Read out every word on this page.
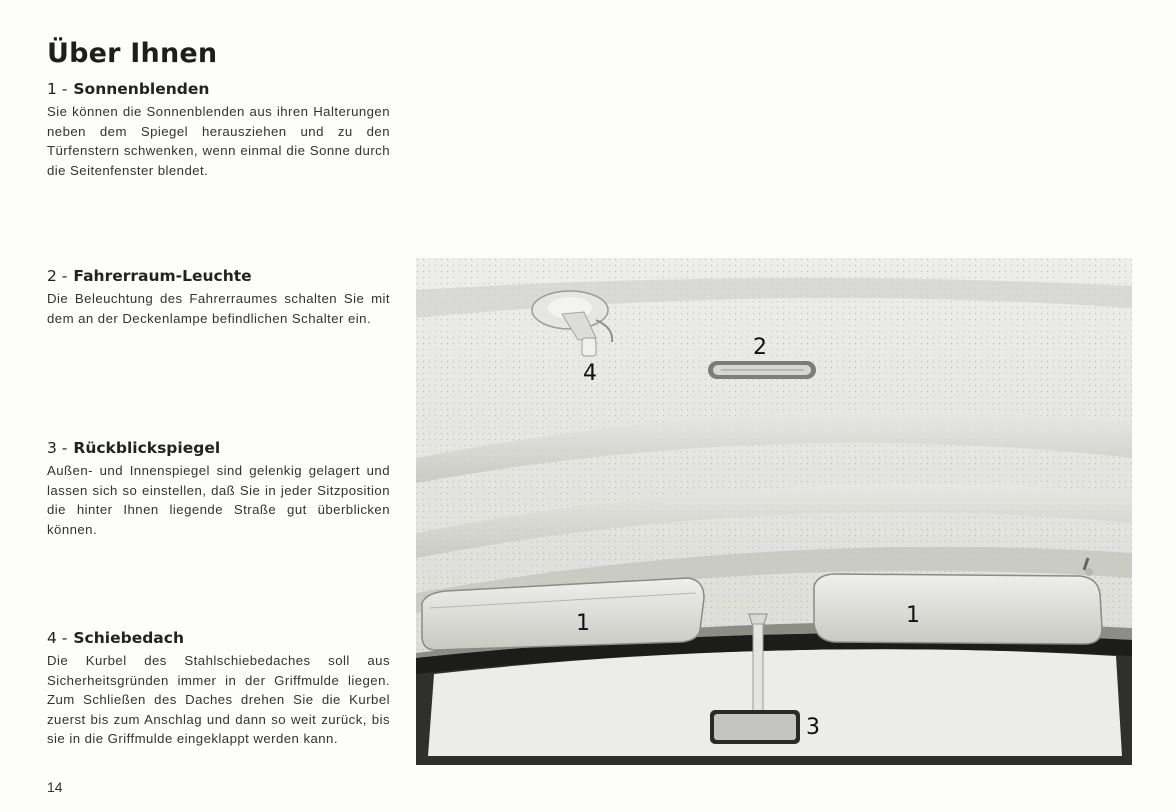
Über Ihnen
1 - Sonnenblenden

Sie können die Sonnenblenden aus ihren Halterungen neben dem Spiegel herausziehen und zu den Türfenstern schwenken, wenn einmal die Sonne durch die Seitenfenster blendet.

2 - Fahrerraum-Leuchte

Die Beleuchtung des Fahrerraumes schalten Sie mit dem an der Deckenlampe befindlichen Schalter ein.

3 - Rückblickspiegel

Außen- und Innenspiegel sind gelenkig gelagert und lassen sich so einstellen, daß Sie in jeder Sitzposition die hinter Ihnen liegende Straße gut überblicken können.

4 - Schiebedach

Die Kurbel des Stahlschiebedaches soll aus Sicherheitsgründen immer in der Griffmulde liegen. Zum Schließen des Daches drehen Sie die Kurbel zuerst bis zum Anschlag und dann so weit zurück, bis sie in die Griffmulde eingeklappt werden kann.

14
1	1
2
4
3
